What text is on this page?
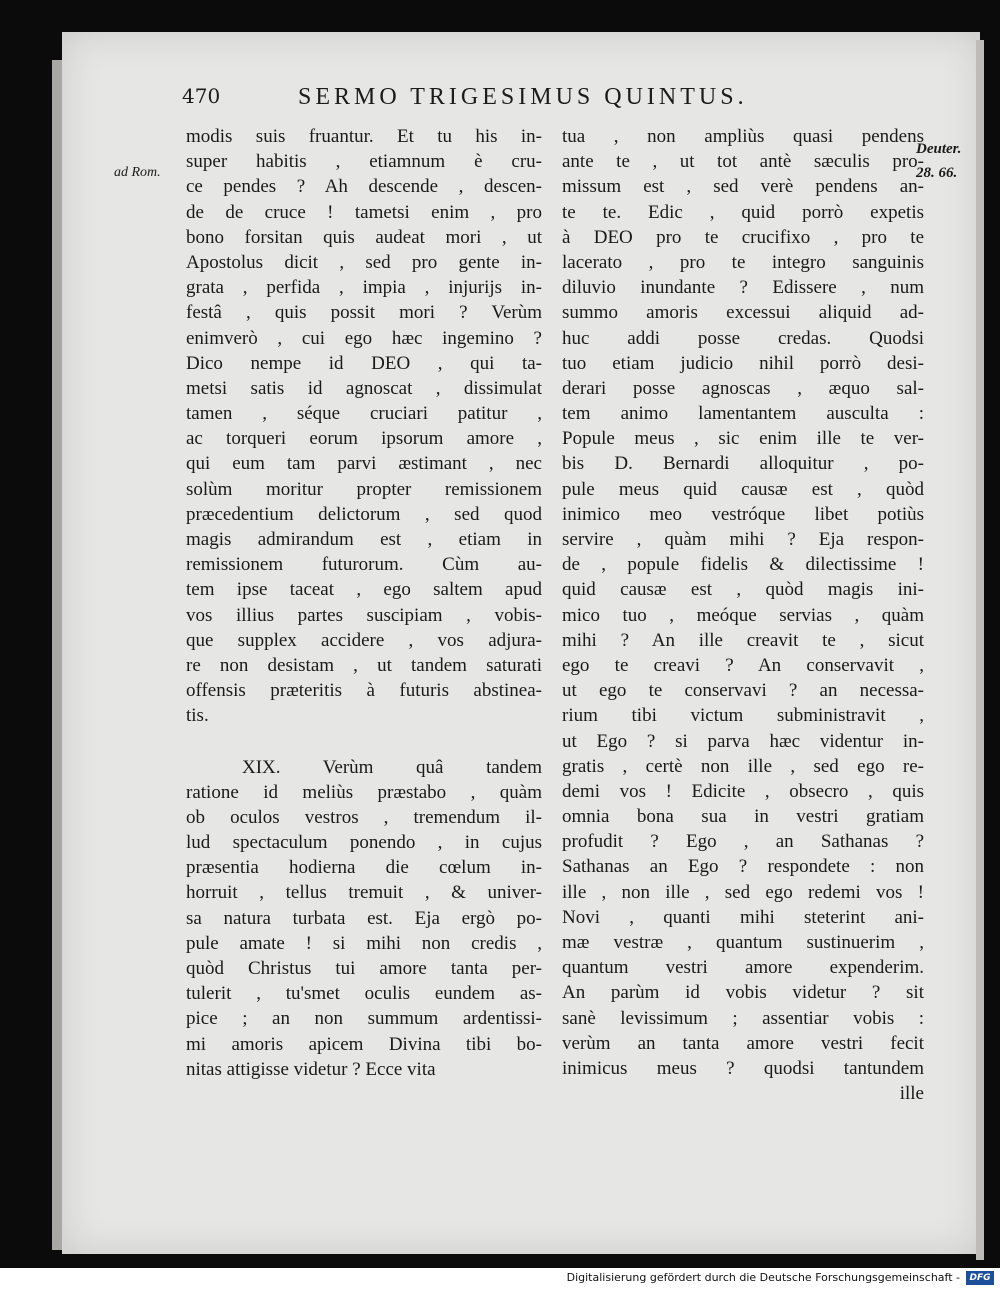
470	SERMO TRIGESIMUS QUINTUS.
ad Rom.
Deuter.
28. 66.
modis suis fruantur. Et tu his in-
super habitis , etiamnum è cru-
ce pendes ? Ah descende , descen-
de de cruce ! tametsi enim , pro
bono forsitan quis audeat mori , ut
Apostolus dicit , sed pro gente in-
grata , perfida , impia , injurijs in-
festâ , quis possit mori ? Verùm
enimverò , cui ego hæc ingemino ?
Dico nempe id DEO , qui ta-
metsi satis id agnoscat , dissimulat
tamen , séque cruciari patitur ,
ac torqueri eorum ipsorum amore ,
qui eum tam parvi æstimant , nec
solùm moritur propter remissionem
præcedentium delictorum , sed quod
magis admirandum est , etiam in
remissionem futurorum. Cùm au-
tem ipse taceat , ego saltem apud
vos illius partes suscipiam , vobis-
que supplex accidere , vos adjura-
re non desistam , ut tandem saturati
offensis præteritis à futuris abstinea-
tis.
XIX. Verùm quâ tandem
ratione id meliùs præstabo , quàm
ob oculos vestros , tremendum il-
lud spectaculum ponendo , in cujus
præsentia hodierna die cœlum in-
horruit , tellus tremuit , & univer-
sa natura turbata est. Eja ergò po-
pule amate ! si mihi non credis ,
quòd Christus tui amore tanta per-
tulerit , tu'smet oculis eundem as-
pice ; an non summum ardentissi-
mi amoris apicem Divina tibi bo-
nitas attigisse videtur ? Ecce vita
tua , non ampliùs quasi pendens
ante te , ut tot antè sæculis pro-
missum est , sed verè pendens an-
te te. Edic , quid porrò expetis
à DEO pro te crucifixo , pro te
lacerato , pro te integro sanguinis
diluvio inundante ? Edissere , num
summo amoris excessui aliquid ad-
huc addi posse credas. Quodsi
tuo etiam judicio nihil porrò desi-
derari posse agnoscas , æquo sal-
tem animo lamentantem ausculta :
Popule meus , sic enim ille te ver-
bis D. Bernardi alloquitur , po-
pule meus quid causæ est , quòd
inimico meo vestróque libet potiùs
servire , quàm mihi ? Eja respon-
de , popule fidelis & dilectissime !
quid causæ est , quòd magis ini-
mico tuo , meóque servias , quàm
mihi ? An ille creavit te , sicut
ego te creavi ? An conservavit ,
ut ego te conservavi ? an necessa-
rium tibi victum subministravit ,
ut Ego ? si parva hæc videntur in-
gratis , certè non ille , sed ego re-
demi vos ! Edicite , obsecro , quis
omnia bona sua in vestri gratiam
profudit ? Ego , an Sathanas ?
Sathanas an Ego ? respondete : non
ille , non ille , sed ego redemi vos !
Novi , quanti mihi steterint ani-
mæ vestræ , quantum sustinuerim ,
quantum vestri amore expenderim.
An parùm id vobis videtur ? sit
sanè levissimum ; assentiar vobis :
verùm an tanta amore vestri fecit
inimicus meus ? quodsi tantundem
ille
Digitalisierung gefördert durch die Deutsche Forschungsgemeinschaft -	DFG
